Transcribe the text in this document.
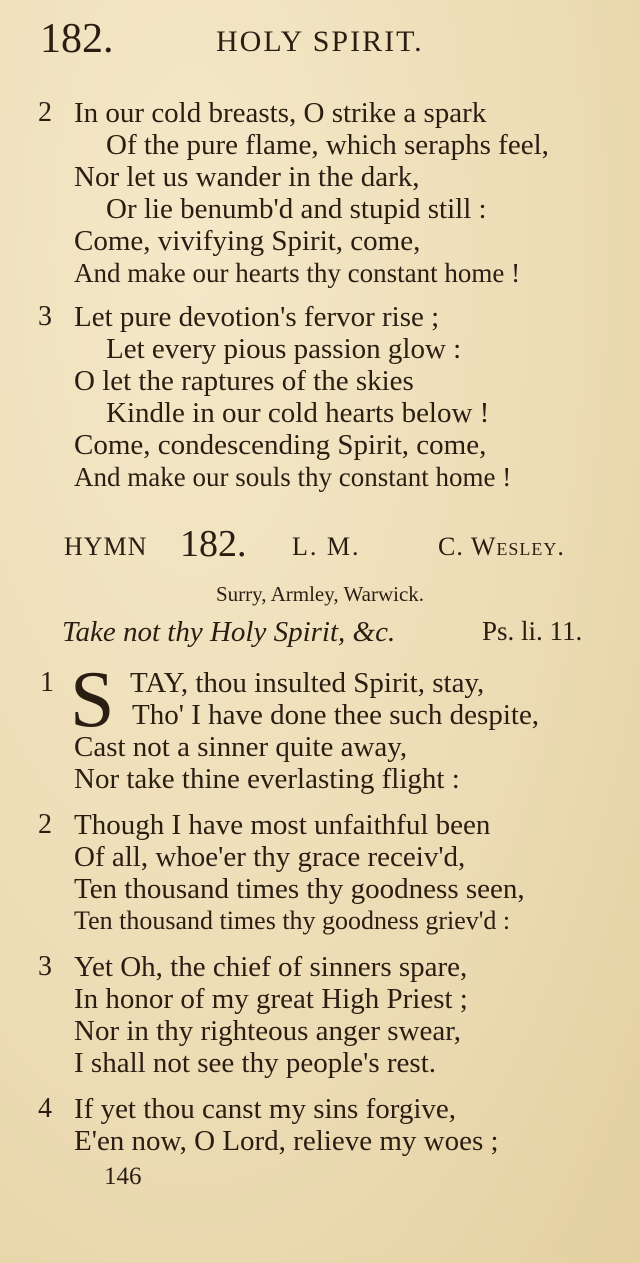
182.	HOLY SPIRIT.
2 In our cold breasts, O strike a spark
Of the pure flame, which seraphs feel,
Nor let us wander in the dark,
Or lie benumb'd and stupid still :
Come, vivifying Spirit, come,
And make our hearts thy constant home !
3 Let pure devotion's fervor rise ;
Let every pious passion glow :
O let the raptures of the skies
Kindle in our cold hearts below !
Come, condescending Spirit, come,
And make our souls thy constant home !
HYMN 182. L. M.	C. Wesley.
Surry, Armley, Warwick.
Take not thy Holy Spirit, &c.	Ps. li. 11.
1 S TAY, thou insulted Spirit, stay,
Tho' I have done thee such despite,
Cast not a sinner quite away,
Nor take thine everlasting flight :
2 Though I have most unfaithful been
Of all, whoe'er thy grace receiv'd,
Ten thousand times thy goodness seen,
Ten thousand times thy goodness griev'd :
3 Yet Oh, the chief of sinners spare,
In honor of my great High Priest ;
Nor in thy righteous anger swear,
I shall not see thy people's rest.
4 If yet thou canst my sins forgive,
E'en now, O Lord, relieve my woes ;
146
